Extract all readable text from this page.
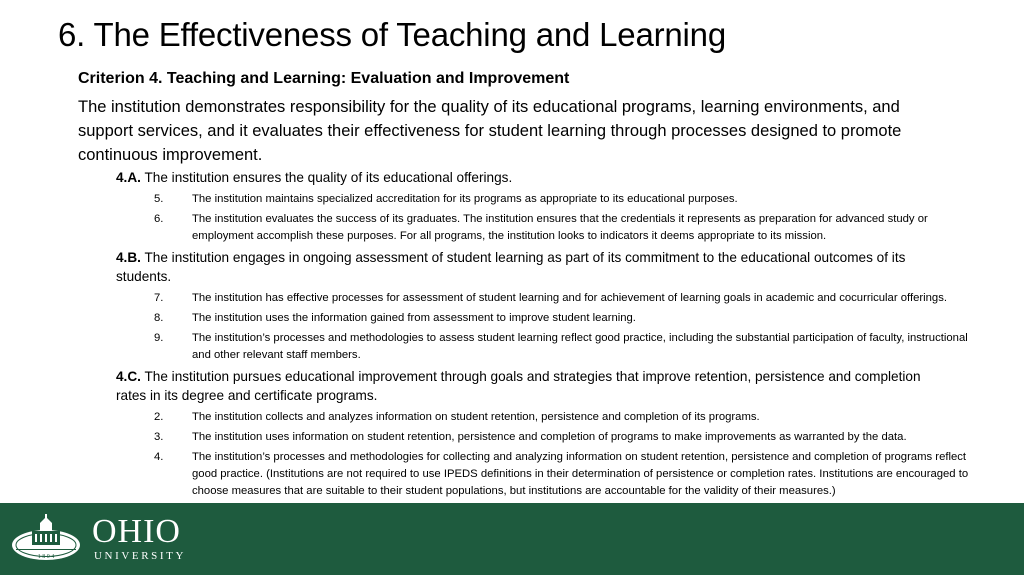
6. The Effectiveness of Teaching and Learning
Criterion 4. Teaching and Learning: Evaluation and Improvement
The institution demonstrates responsibility for the quality of its educational programs, learning environments, and support services, and it evaluates their effectiveness for student learning through processes designed to promote continuous improvement.
4.A. The institution ensures the quality of its educational offerings.
5.	The institution maintains specialized accreditation for its programs as appropriate to its educational purposes.
6.	The institution evaluates the success of its graduates. The institution ensures that the credentials it represents as preparation for advanced study or employment accomplish these purposes. For all programs, the institution looks to indicators it deems appropriate to its mission.
4.B. The institution engages in ongoing assessment of student learning as part of its commitment to the educational outcomes of its students.
7.	The institution has effective processes for assessment of student learning and for achievement of learning goals in academic and cocurricular offerings.
8.	The institution uses the information gained from assessment to improve student learning.
9.	The institution’s processes and methodologies to assess student learning reflect good practice, including the substantial participation of faculty, instructional and other relevant staff members.
4.C. The institution pursues educational improvement through goals and strategies that improve retention, persistence and completion rates in its degree and certificate programs.
2.	The institution collects and analyzes information on student retention, persistence and completion of its programs.
3.	The institution uses information on student retention, persistence and completion of programs to make improvements as warranted by the data.
4.	The institution’s processes and methodologies for collecting and analyzing information on student retention, persistence and completion of programs reflect good practice. (Institutions are not required to use IPEDS definitions in their determination of persistence or completion rates. Institutions are encouraged to choose measures that are suitable to their student populations, but institutions are accountable for the validity of their measures.)
1 8 0 4
OHIO
UNIVERSITY
